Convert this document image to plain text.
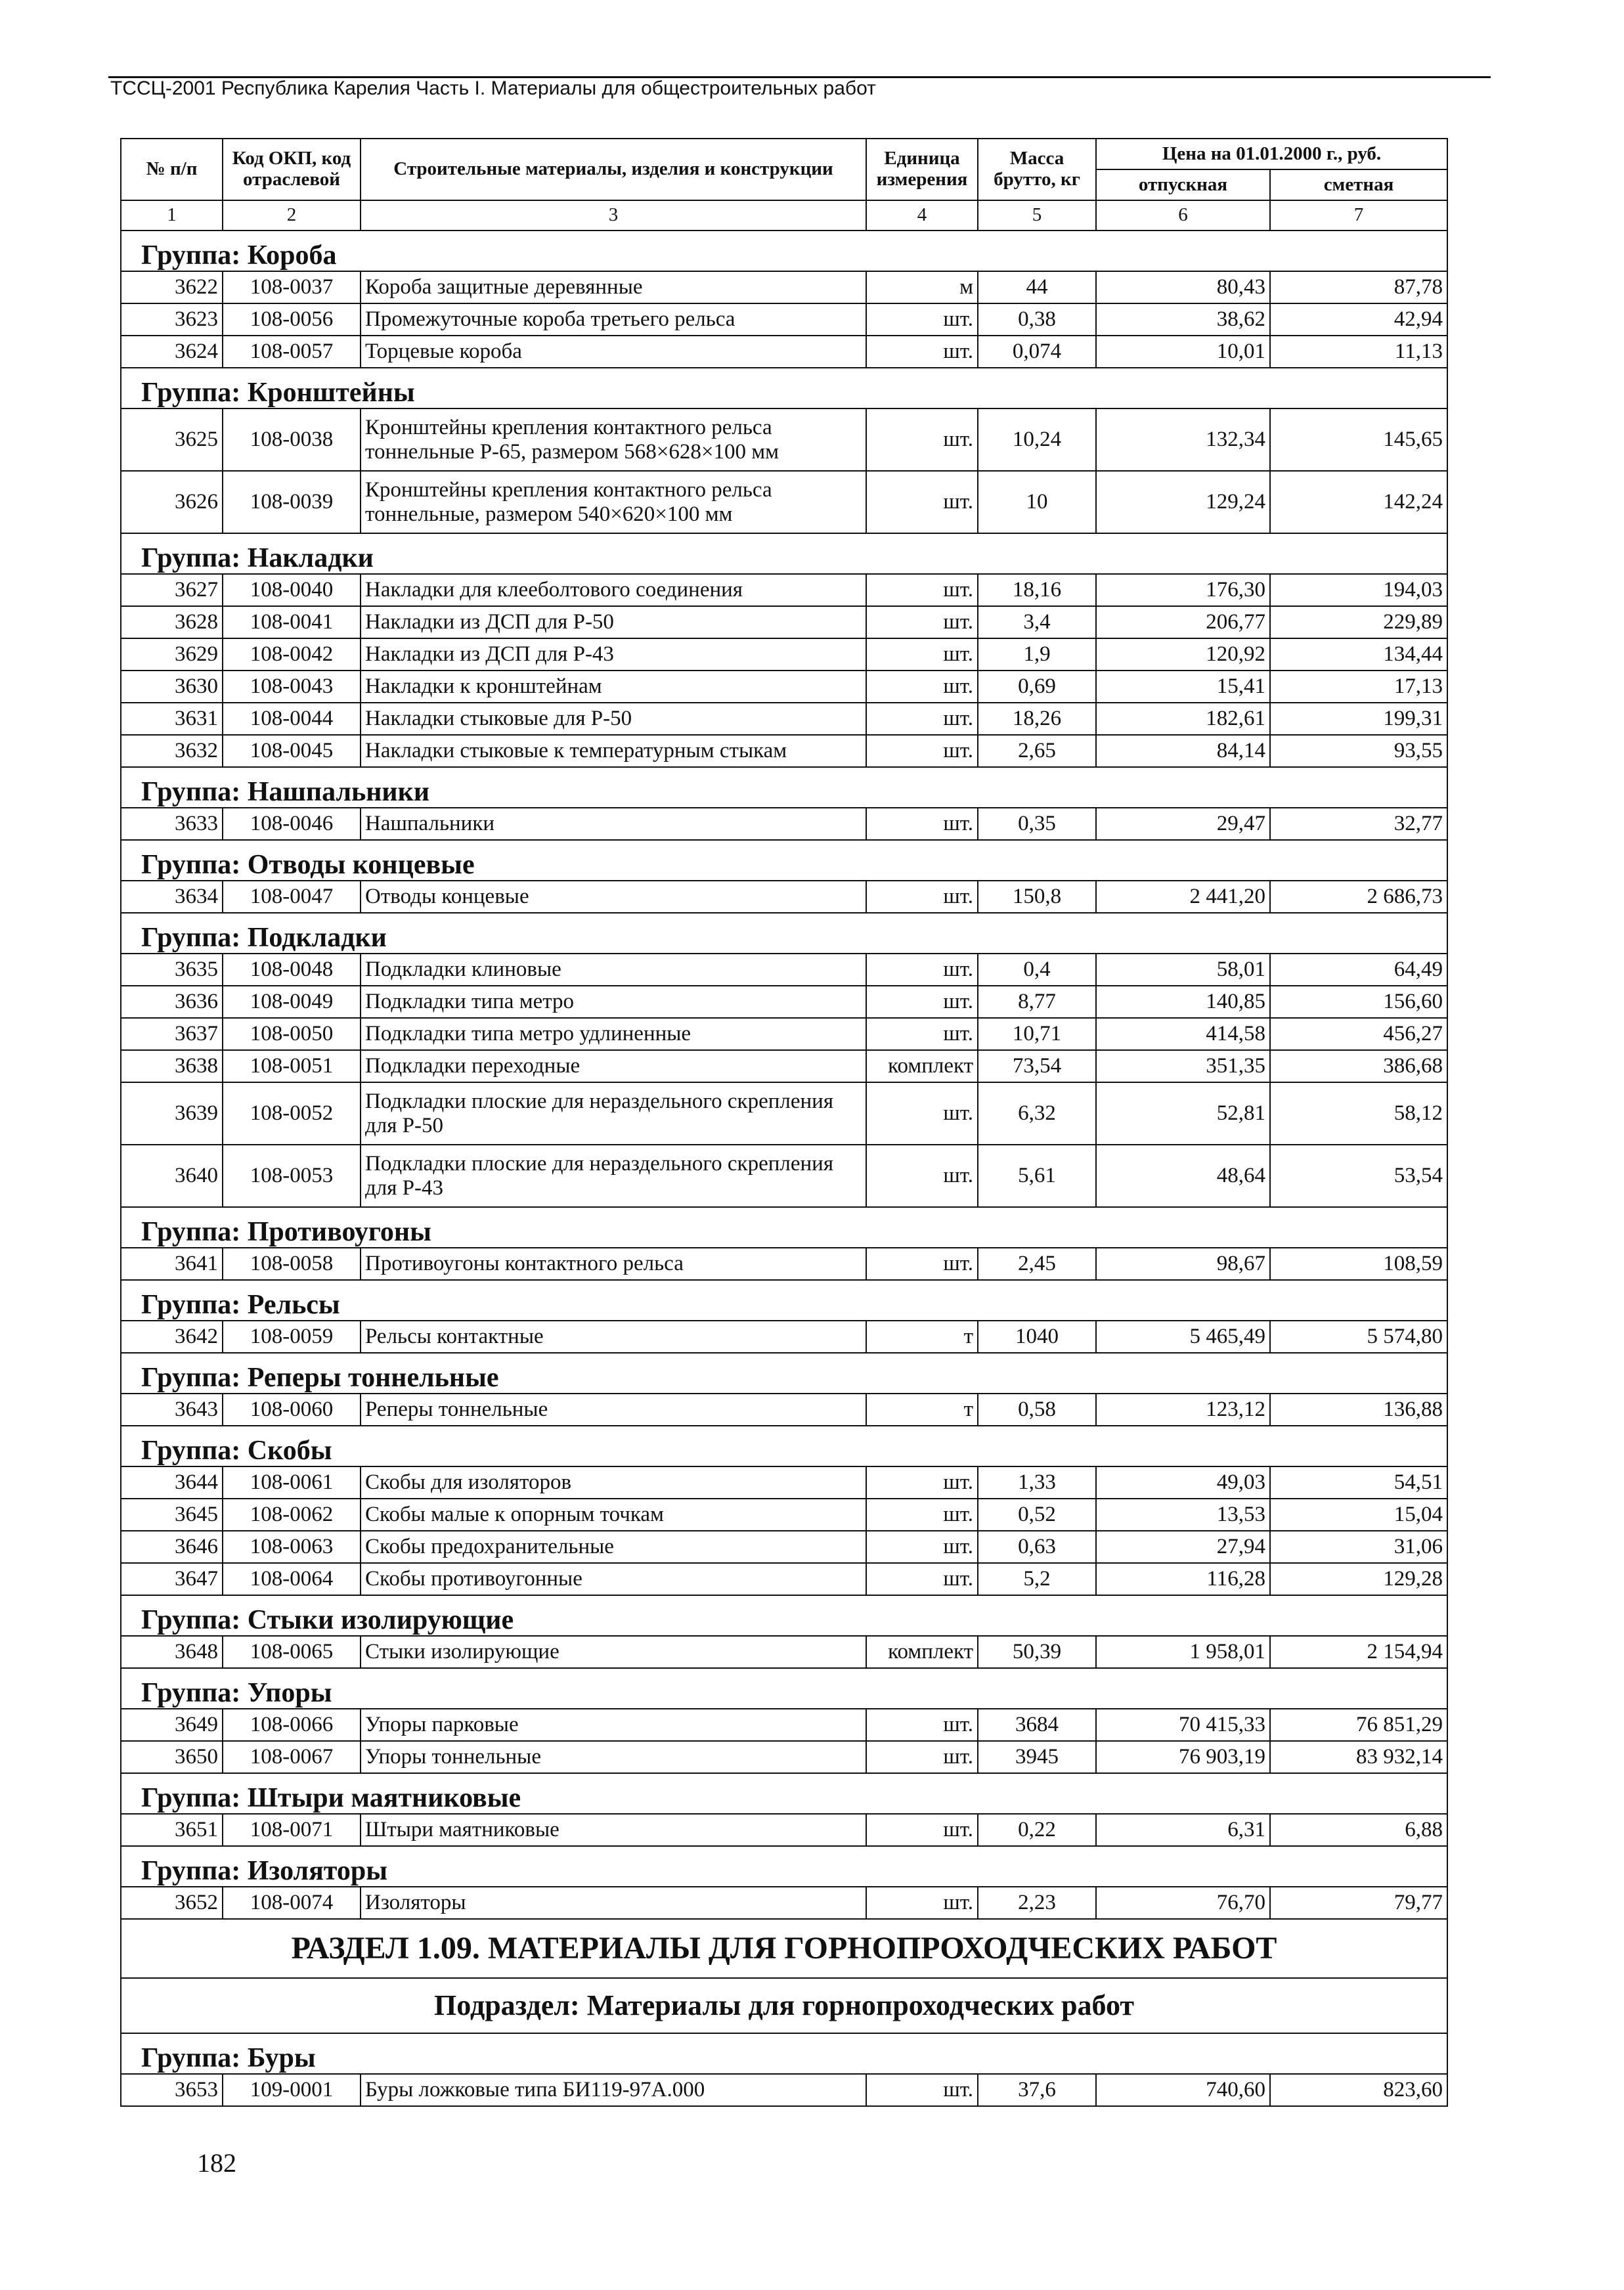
ТССЦ-2001 Республика Карелия Часть I. Материалы для общестроительных работ
№ п/п	Код ОКП, код отраслевой	Строительные материалы, изделия и конструкции	Единица измерения	Масса брутто, кг	Цена на 01.01.2000 г., руб.	
					отпускная	сметная
1	2	3	4	5	6	7
Группа: Короба						
3622	108-0037	Короба защитные деревянные	м	44	80,43	87,78
3623	108-0056	Промежуточные короба третьего рельса	шт.	0,38	38,62	42,94
3624	108-0057	Торцевые короба	шт.	0,074	10,01	11,13
Группа: Кронштейны						
3625	108-0038	Кронштейны крепления контактного рельса тоннельные Р-65, размером 568×628×100 мм	шт.	10,24	132,34	145,65
3626	108-0039	Кронштейны крепления контактного рельса тоннельные, размером 540×620×100 мм	шт.	10	129,24	142,24
Группа: Накладки						
3627	108-0040	Накладки для клееболтового соединения	шт.	18,16	176,30	194,03
3628	108-0041	Накладки из ДСП для Р-50	шт.	3,4	206,77	229,89
3629	108-0042	Накладки из ДСП для Р-43	шт.	1,9	120,92	134,44
3630	108-0043	Накладки к кронштейнам	шт.	0,69	15,41	17,13
3631	108-0044	Накладки стыковые для Р-50	шт.	18,26	182,61	199,31
3632	108-0045	Накладки стыковые к температурным стыкам	шт.	2,65	84,14	93,55
Группа: Нашпальники						
3633	108-0046	Нашпальники	шт.	0,35	29,47	32,77
Группа: Отводы концевые						
3634	108-0047	Отводы концевые	шт.	150,8	2 441,20	2 686,73
Группа: Подкладки						
3635	108-0048	Подкладки клиновые	шт.	0,4	58,01	64,49
3636	108-0049	Подкладки типа метро	шт.	8,77	140,85	156,60
3637	108-0050	Подкладки типа метро удлиненные	шт.	10,71	414,58	456,27
3638	108-0051	Подкладки переходные	комплект	73,54	351,35	386,68
3639	108-0052	Подкладки плоские для нераздельного скрепления для Р-50	шт.	6,32	52,81	58,12
3640	108-0053	Подкладки плоские для нераздельного скрепления для Р-43	шт.	5,61	48,64	53,54
Группа: Противоугоны						
3641	108-0058	Противоугоны контактного рельса	шт.	2,45	98,67	108,59
Группа: Рельсы						
3642	108-0059	Рельсы контактные	т	1040	5 465,49	5 574,80
Группа: Реперы тоннельные						
3643	108-0060	Реперы тоннельные	т	0,58	123,12	136,88
Группа: Скобы						
3644	108-0061	Скобы для изоляторов	шт.	1,33	49,03	54,51
3645	108-0062	Скобы малые к опорным точкам	шт.	0,52	13,53	15,04
3646	108-0063	Скобы предохранительные	шт.	0,63	27,94	31,06
3647	108-0064	Скобы противоугонные	шт.	5,2	116,28	129,28
Группа: Стыки изолирующие						
3648	108-0065	Стыки изолирующие	комплект	50,39	1 958,01	2 154,94
Группа: Упоры						
3649	108-0066	Упоры парковые	шт.	3684	70 415,33	76 851,29
3650	108-0067	Упоры тоннельные	шт.	3945	76 903,19	83 932,14
Группа: Штыри маятниковые						
3651	108-0071	Штыри маятниковые	шт.	0,22	6,31	6,88
Группа: Изоляторы						
3652	108-0074	Изоляторы	шт.	2,23	76,70	79,77
РАЗДЕЛ 1.09. МАТЕРИАЛЫ ДЛЯ ГОРНОПРОХОДЧЕСКИХ РАБОТ						
Подраздел: Материалы для горнопроходческих работ						
Группа: Буры						
3653	109-0001	Буры ложковые типа БИ119-97А.000	шт.	37,6	740,60	823,60
182
